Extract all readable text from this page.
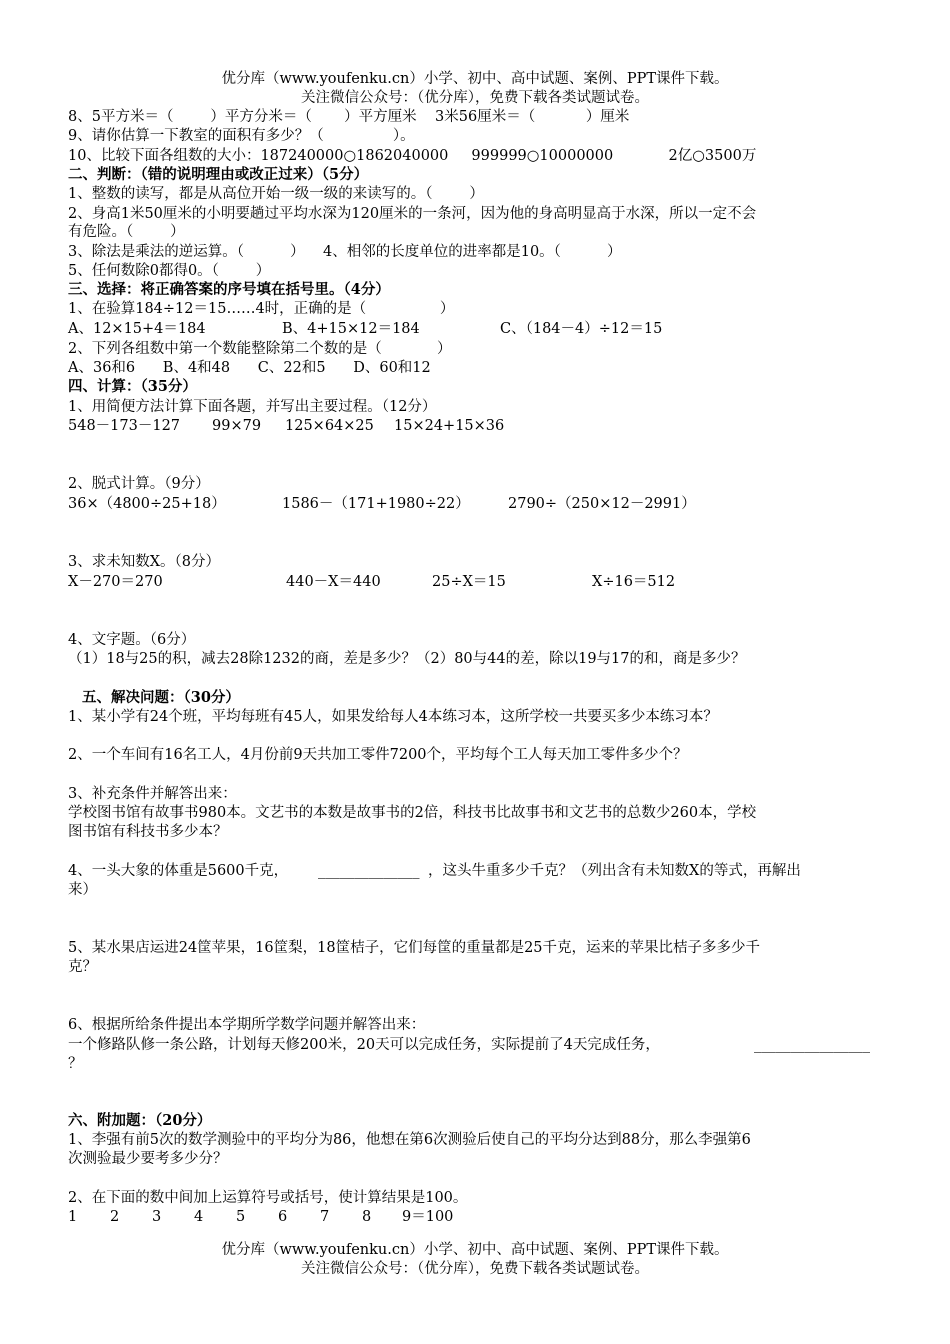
优分库（www.youfenku.cn）小学、初中、高中试题、案例、PPT课件下载。
关注微信公众号：（优分库），免费下载各类试题试卷。
8、5平方米＝（        ）平方分米＝（       ）平方厘米    3米56厘米＝（           ）厘米
9、请你估算一下教室的面积有多少？（               ）。
10、比较下面各组数的大小：187240000○1862040000     999999○10000000            2亿○3500万
二、判断：（错的说明理由或改正过来）（5分）
1、整数的读写，都是从高位开始一级一级的来读写的。（        ）
2、身高1米50厘米的小明要趟过平均水深为120厘米的一条河，因为他的身高明显高于水深，所以一定不会
有危险。（        ）
3、除法是乘法的逆运算。（          ）    4、相邻的长度单位的进率都是10。（          ）
5、任何数除0都得0。（        ）
三、选择：将正确答案的序号填在括号里。（4分）
1、在验算184÷12＝15……4时，正确的是（                ）
A、12×15+4＝184	B、4+15×12＝184	C、（184－4）÷12＝15
2、下列各组数中第一个数能整除第二个数的是（            ）
A、36和6      B、4和48      C、22和5      D、60和12
四、计算：（35分）
1、用简便方法计算下面各题，并写出主要过程。（12分）
548－173－127 99×79 125×64×25 15×24+15×36
2、脱式计算。（9分）
36×（4800÷25+18）	1586－（171+1980÷22）	2790÷（250×12－2991）
3、求未知数X。（8分）
X－270＝270	440－X＝440	25÷X＝15	X÷16＝512
4、文字题。（6分）
（1）18与25的积，减去28除1232的商，差是多少？（2）80与44的差，除以19与17的和，商是多少？
五、解决问题：（30分）
1、某小学有24个班，平均每班有45人，如果发给每人4本练习本，这所学校一共要买多少本练习本？
2、一个车间有16名工人，4月份前9天共加工零件7200个，平均每个工人每天加工零件多少个？
3、补充条件并解答出来：
学校图书馆有故事书980本。文艺书的本数是故事书的2倍，科技书比故事书和文艺书的总数少260本，学校
图书馆有科技书多少本？
4、一头大象的体重是5600千克， ______________ ，这头牛重多少千克？（列出含有未知数X的等式，再解出
来）
5、某水果店运进24筐苹果，16筐梨，18筐桔子，它们每筐的重量都是25千克，运来的苹果比桔子多多少千
克？
6、根据所给条件提出本学期所学数学问题并解答出来：
一个修路队修一条公路，计划每天修200米，20天可以完成任务，实际提前了4天完成任务，	________________
？
六、附加题：（20分）
1、李强有前5次的数学测验中的平均分为86，他想在第6次测验后使自己的平均分达到88分，那么李强第6
次测验最少要考多少分？
2、在下面的数中间加上运算符号或括号，使计算结果是100。
1 2 3 4 5 6 7 8 9＝100
优分库（www.youfenku.cn）小学、初中、高中试题、案例、PPT课件下载。
关注微信公众号：（优分库），免费下载各类试题试卷。
